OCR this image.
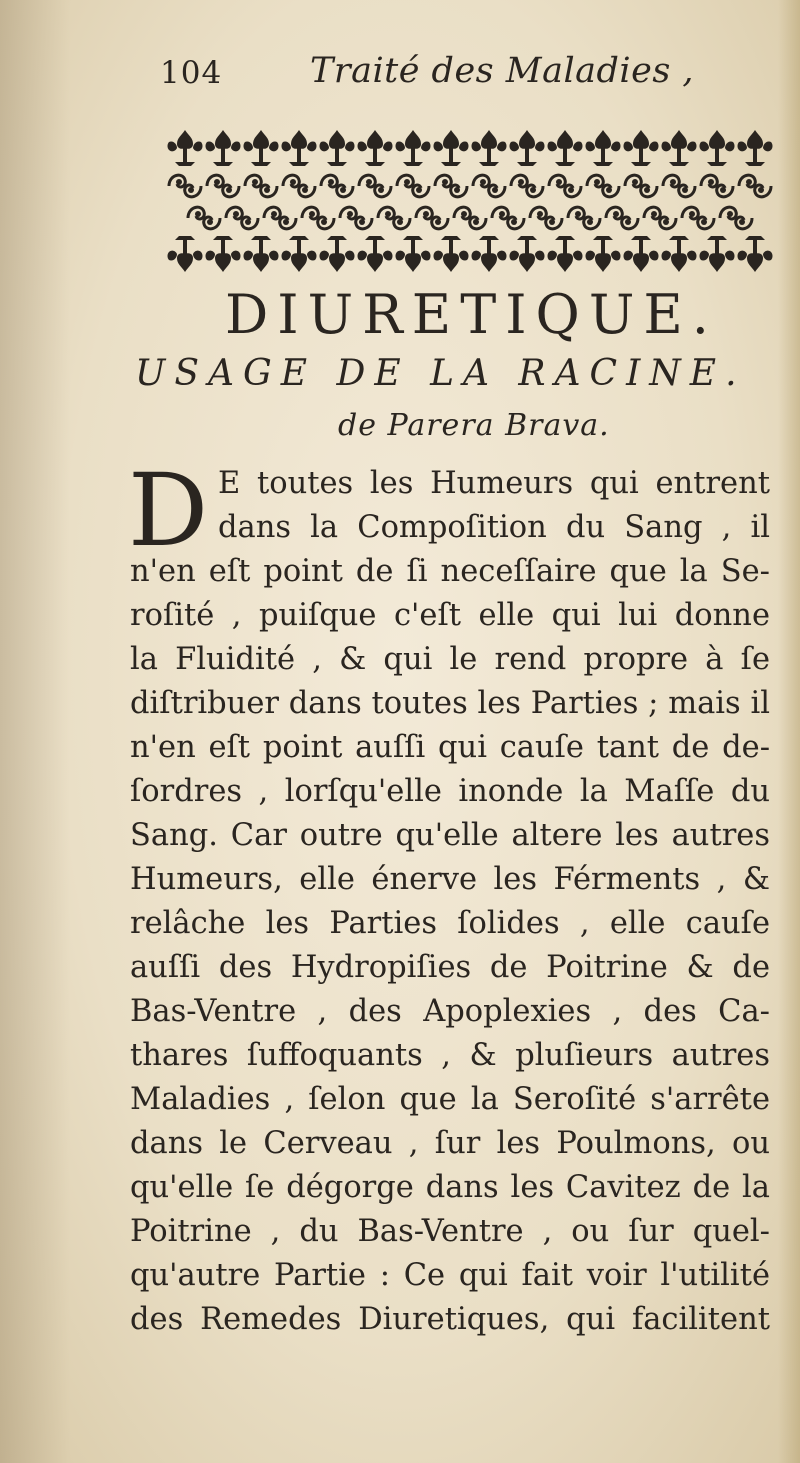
104	Traité des Maladies ,
DIURETIQUE.
USAGE DE LA RACINE.
de Parera Brava.
D E toutes les Humeurs qui entrent
dans la Compoſition du Sang , il
n'en eſt point de ſi neceſſaire que la Se-
roſité , puiſque c'eſt elle qui lui donne
la Fluidité , & qui le rend propre à ſe
diſtribuer dans toutes les Parties ; mais il
n'en eſt point auſſi qui cauſe tant de de-
ſordres , lorſqu'elle inonde la Maſſe du
Sang. Car outre qu'elle altere les autres
Humeurs, elle énerve les Férments , &
relâche les Parties ſolides , elle cauſe
auſſi des Hydropiſies de Poitrine & de
Bas-Ventre , des Apoplexies , des Ca-
thares ſuffoquants , & pluſieurs autres
Maladies , ſelon que la Seroſité s'arrête
dans le Cerveau , ſur les Poulmons, ou
qu'elle ſe dégorge dans les Cavitez de la
Poitrine , du Bas-Ventre , ou ſur quel-
qu'autre Partie : Ce qui fait voir l'utilité
des Remedes Diuretiques, qui facilitent
